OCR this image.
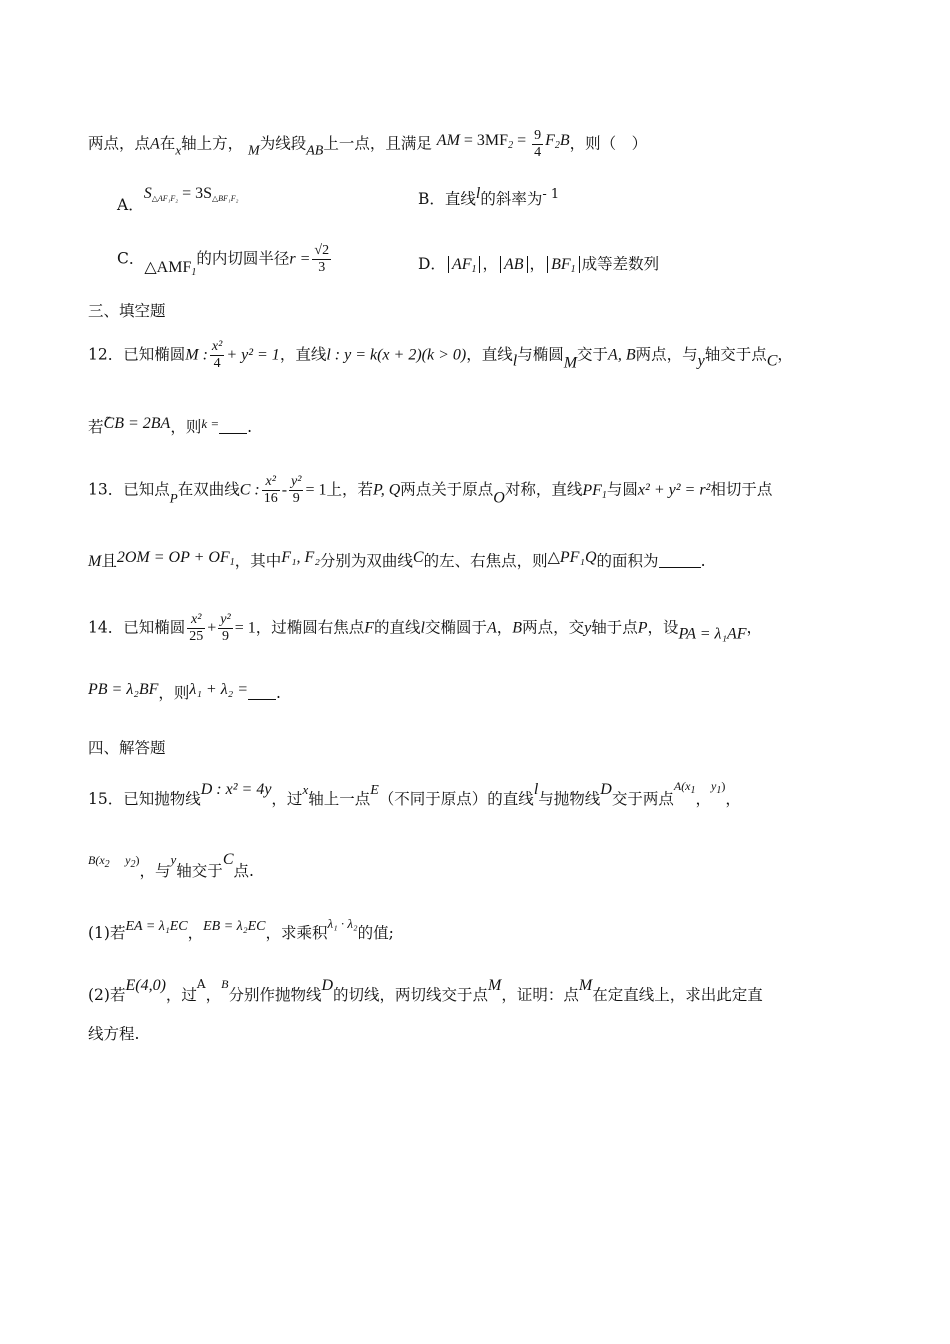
两点，点A在$_x$轴上方， M为线段AB上一点，且满足 AM = $3MF_2 = \frac{9}{4} F_2B$，则（　）
A．$S_{\triangle AF_1F_2} = 3S_{\triangle BF_1F_2}$	B．直线l的斜率为$^{- 1}$
C．$\triangle AMF_1$的内切圆半径$r = \frac{√2}{3}$	D． $AF_1$ ， AB ， $BF_1$ 成等差数列
三、填空题
12．已知椭圆M : $\frac{\text{x²}}{4} + y^2 = 1$，直线l : y = k(x + 2)(k > 0)，直线l与椭圆M交于A, B两点，与y轴交于点C，
若ꞈꞈ CB = 2BA，则$^{k =}$ .
13．已知点$_P$在双曲线C : $\frac{\text{x²}}{16} - \frac{\text{y²}}{9} = 1$上，若P, Q两点关于原点O对称，直线$PF_1$与圆x² + y² = r²相切于点
M且2OM = OP + $OF_1$，其中F₁, F₂分别为双曲线C的左、右焦点，则△PF₁Q的面积为	.
14．已知椭圆 $\frac{\text{x²}}{25} + \frac{\text{y²}}{9} = 1$，过椭圆右焦点F的直线l交椭圆于A，B两点，交y轴于点P，设PA = λ₁AF，
PB = λ₂BF，则λ₁ + λ₂ = .
四、解答题
15．已知抛物线D : x² = 4y，过$^x$轴上一点E（不同于原点）的直线l与抛物线D交于两点$^{A(x_1}$，$^{y_1)}$，
$^{B(x_2}$　 $^{y_2)}$，与$^y$轴交于C点.
(1)若EA = λ₁EC，EB = λ₂EC，求乘积$^{\lambda_1 \cdot \lambda_2}$的值;
(2)若E(4,0)，过$^A$，$^B$分别作抛物线D的切线，两切线交于点M，证明：点M在定直线上，求出此定直
线方程.
